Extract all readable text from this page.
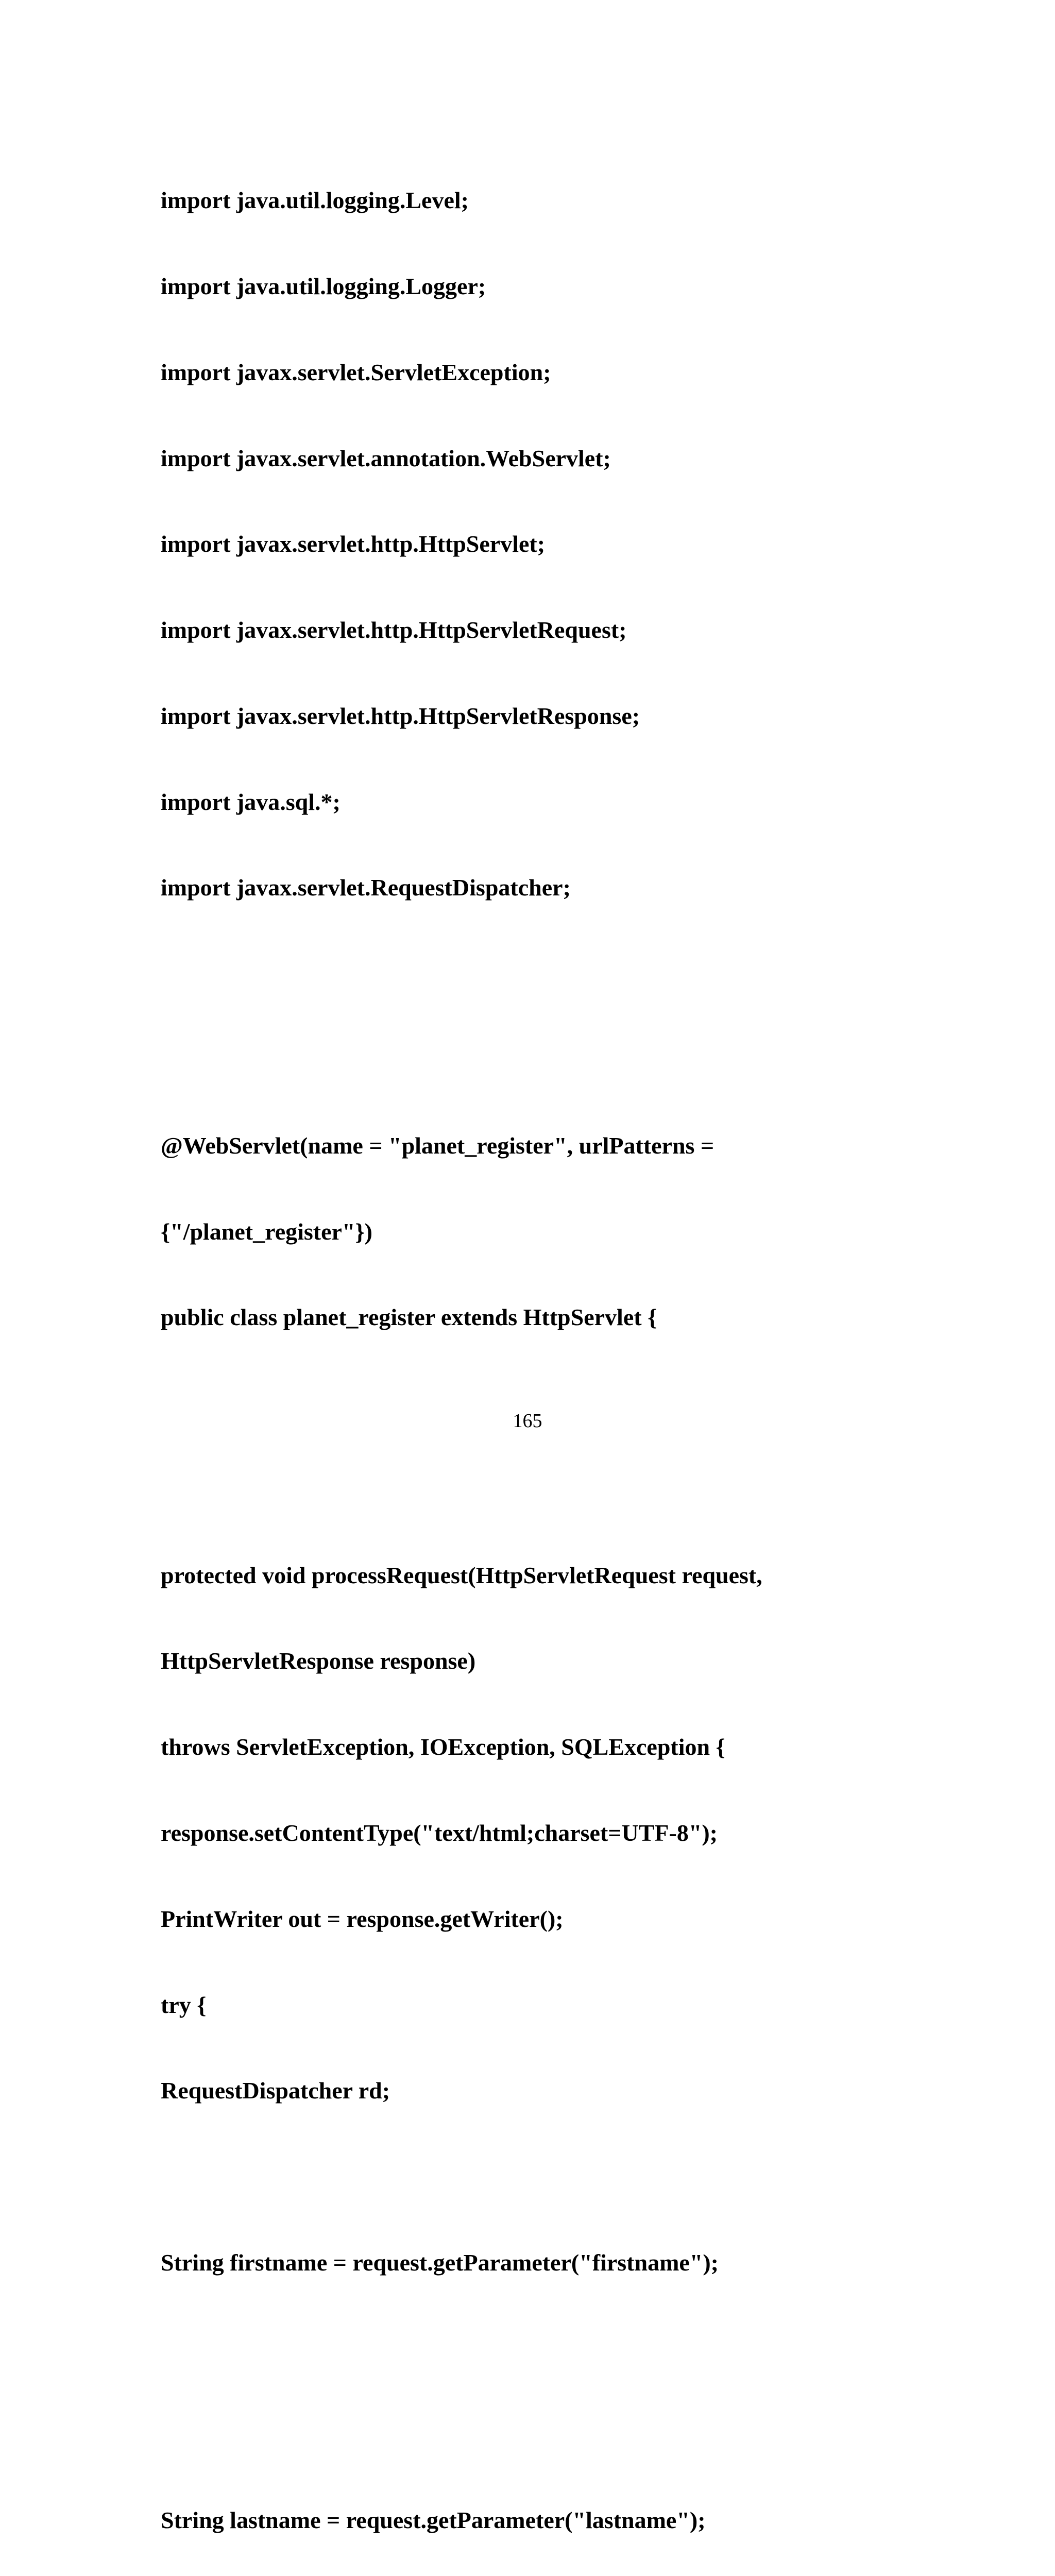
import java.util.logging.Level;

import java.util.logging.Logger;

import javax.servlet.ServletException;

import javax.servlet.annotation.WebServlet;

import javax.servlet.http.HttpServlet;

import javax.servlet.http.HttpServletRequest;

import javax.servlet.http.HttpServletResponse;

import java.sql.*;

import javax.servlet.RequestDispatcher;

@WebServlet(name = "planet_register", urlPatterns =

{"/planet_register"})

public class planet_register extends HttpServlet {

protected void processRequest(HttpServletRequest request,

HttpServletResponse response)

throws ServletException, IOException, SQLException {

response.setContentType("text/html;charset=UTF-8");

PrintWriter out = response.getWriter();

try {

RequestDispatcher rd;

String firstname = request.getParameter("firstname");

String lastname = request.getParameter("lastname");

165
